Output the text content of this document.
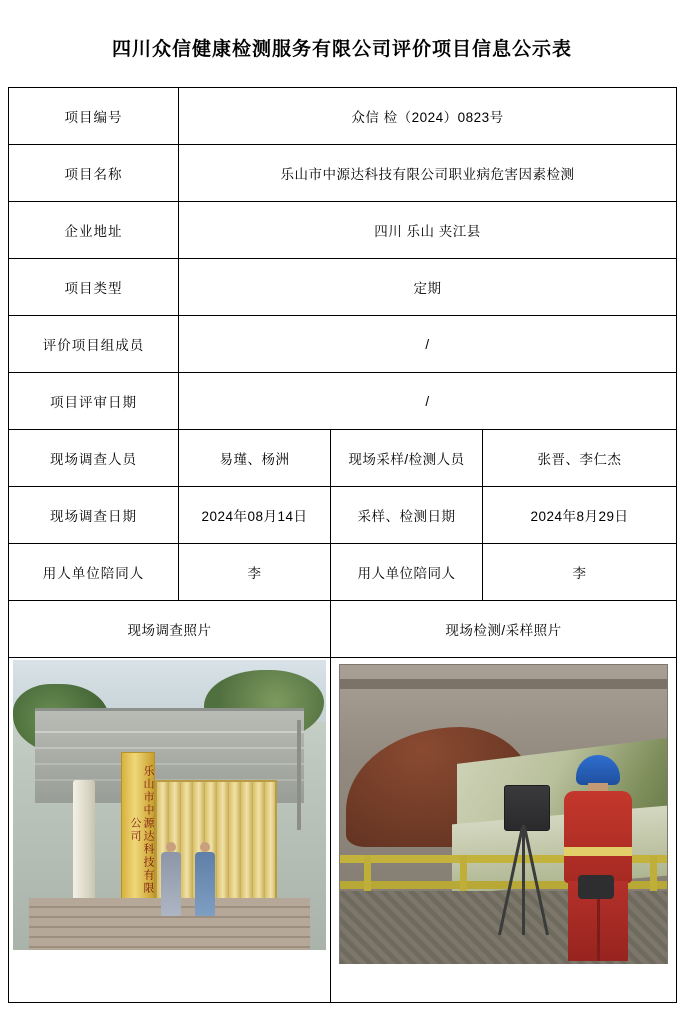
四川众信健康检测服务有限公司评价项目信息公示表
项目编号	众信 检（2024）0823号		
项目名称	乐山市中源达科技有限公司职业病危害因素检测		
企业地址	四川 乐山 夹江县		
项目类型	定期		
评价项目组成员	/		
项目评审日期	/		
现场调查人员	易瑾、杨洲	现场采样/检测人员	张晋、李仁杰
现场调查日期	2024年08月14日	采样、检测日期	2024年8月29日
用人单位陪同人	李	用人单位陪同人	李
现场调查照片		现场检测/采样照片	

乐山市中源达科技有限公司			
